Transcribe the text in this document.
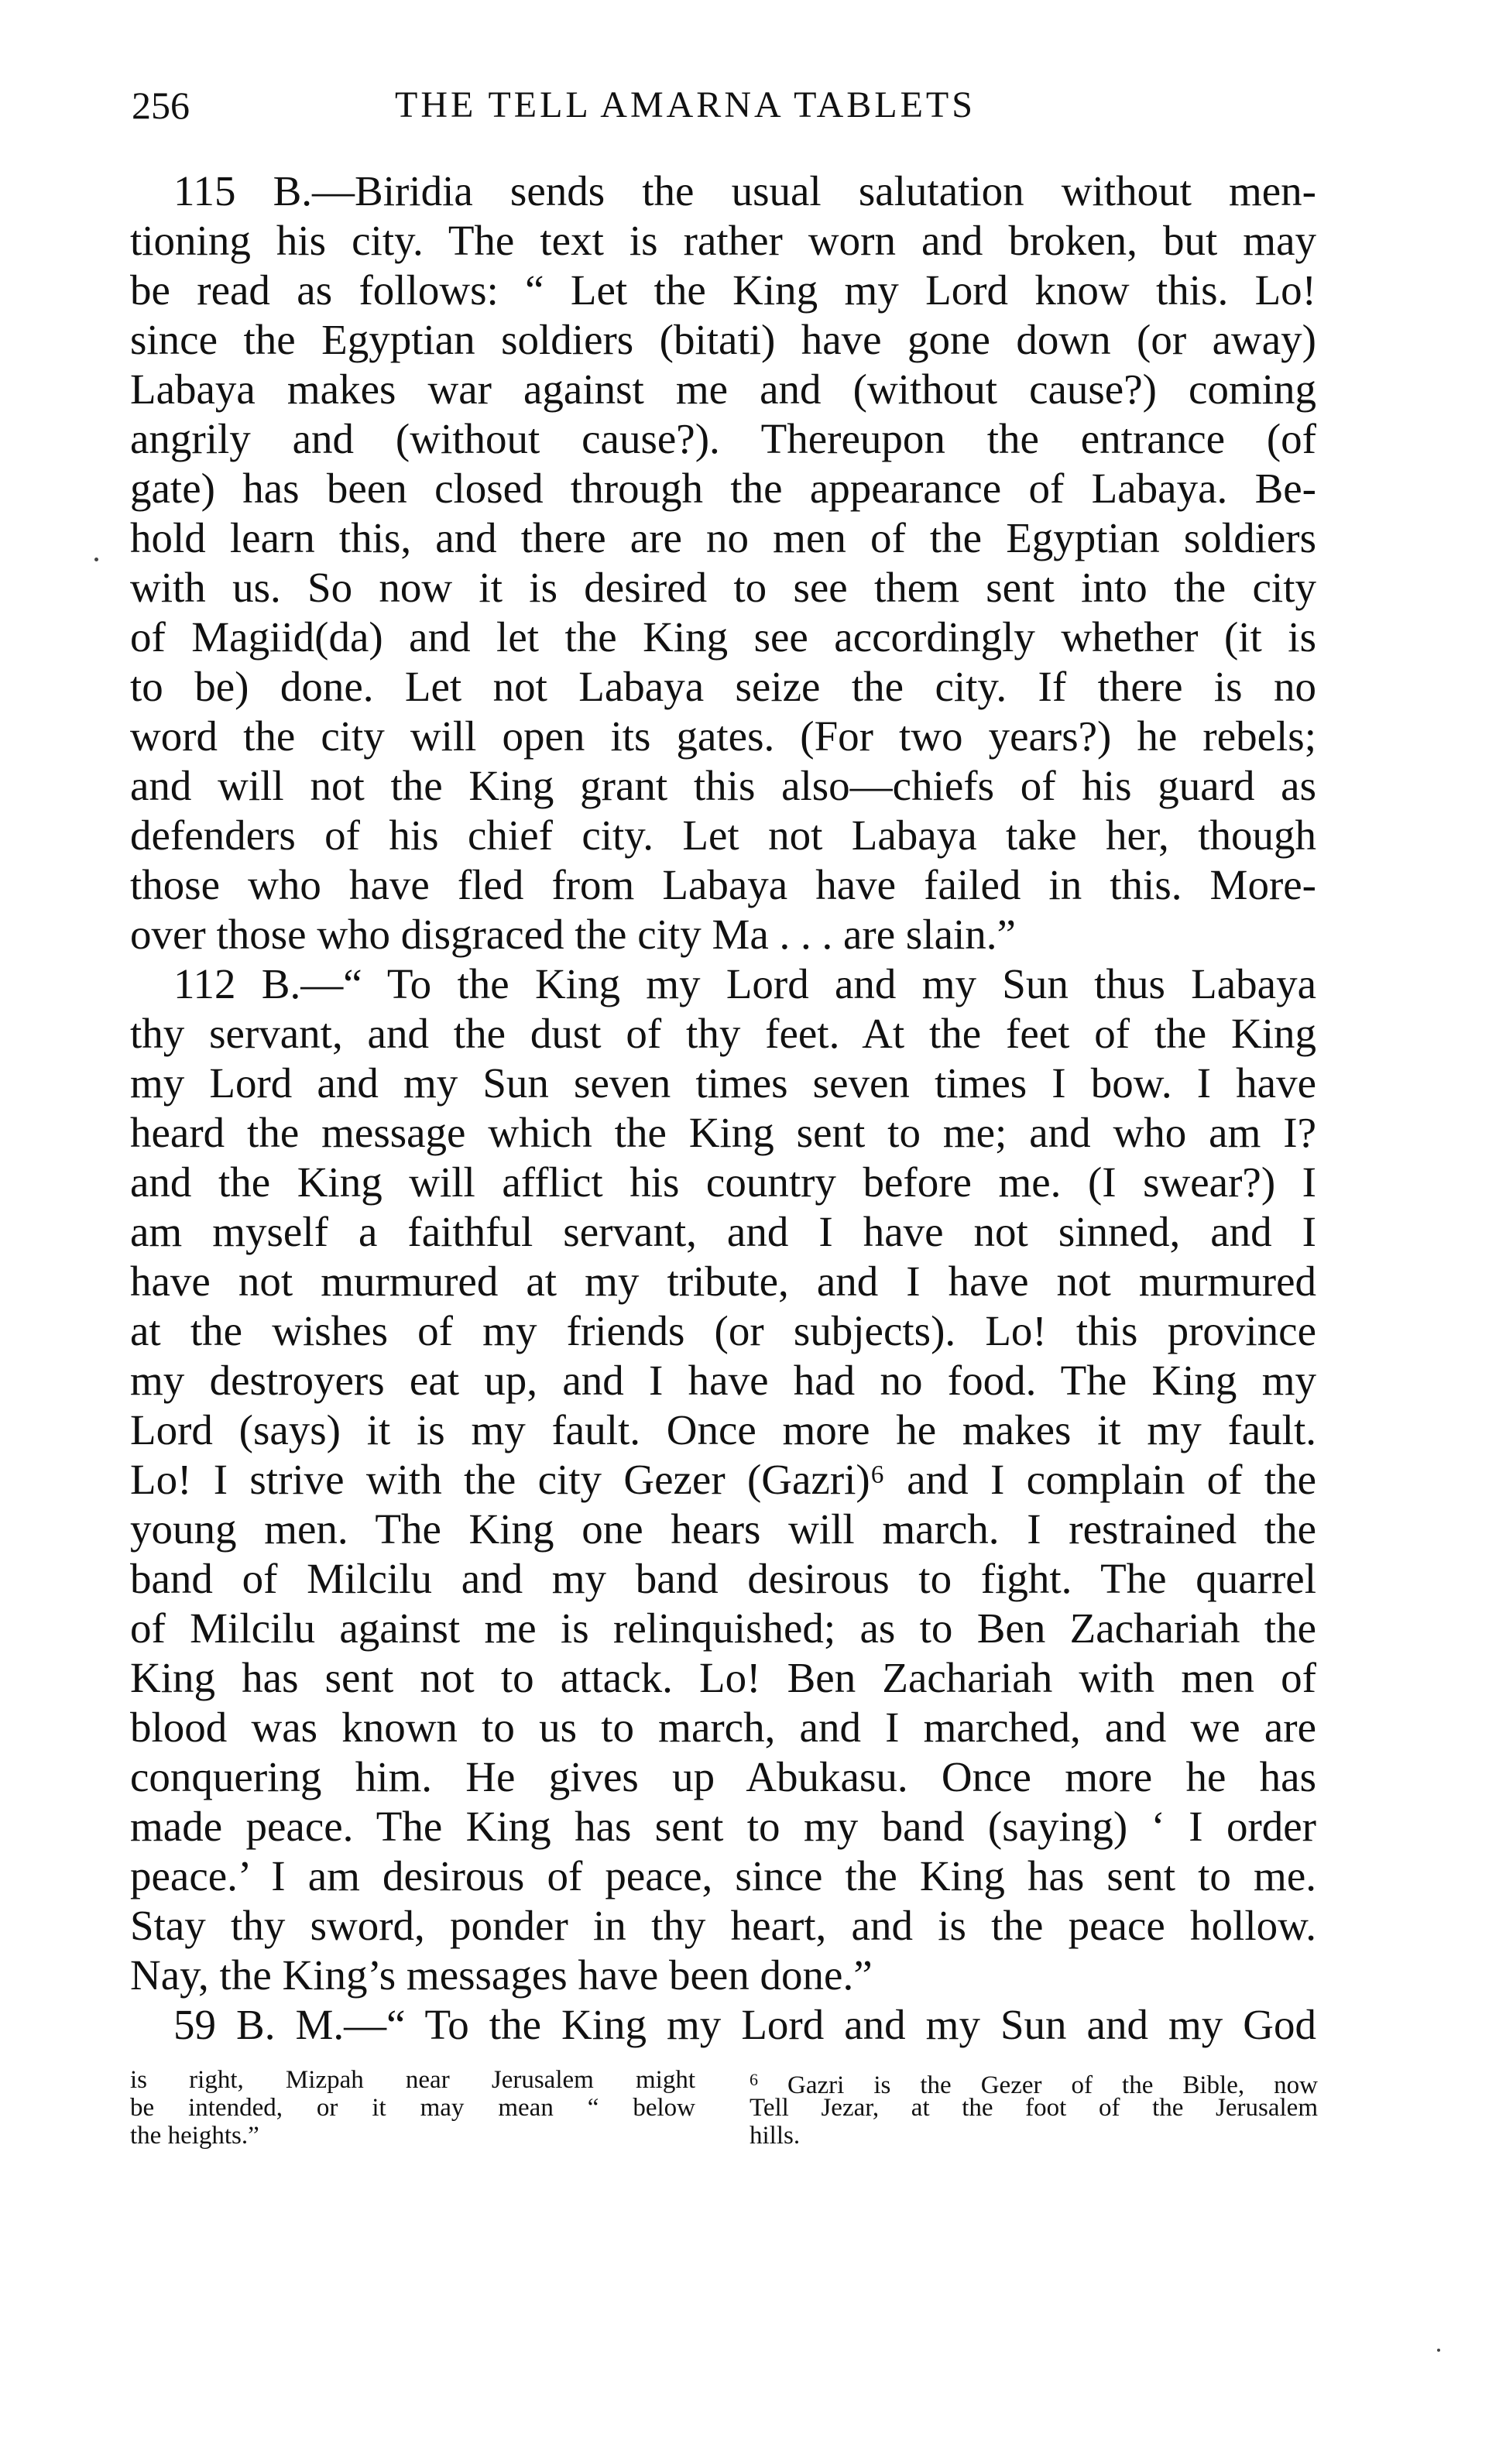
256	THE TELL AMARNA TABLETS
115 B.—Biridia sends the usual salutation without men-
tioning his city. The text is rather worn and broken, but may
be read as follows: “ Let the King my Lord know this. Lo!
since the Egyptian soldiers (bitati) have gone down (or away)
Labaya makes war against me and (without cause?) coming
angrily and (without cause?). Thereupon the entrance (of
gate) has been closed through the appearance of Labaya. Be-
hold learn this, and there are no men of the Egyptian soldiers
with us. So now it is desired to see them sent into the city
of Magiid(da) and let the King see accordingly whether (it is
to be) done. Let not Labaya seize the city. If there is no
word the city will open its gates. (For two years?) he rebels;
and will not the King grant this also—chiefs of his guard as
defenders of his chief city. Let not Labaya take her, though
those who have fled from Labaya have failed in this. More-
over those who disgraced the city Ma . . . are slain.”
112 B.—“ To the King my Lord and my Sun thus Labaya
thy servant, and the dust of thy feet. At the feet of the King
my Lord and my Sun seven times seven times I bow. I have
heard the message which the King sent to me; and who am I?
and the King will afflict his country before me. (I swear?) I
am myself a faithful servant, and I have not sinned, and I
have not murmured at my tribute, and I have not murmured
at the wishes of my friends (or subjects). Lo! this province
my destroyers eat up, and I have had no food. The King my
Lord (says) it is my fault. Once more he makes it my fault.
Lo! I strive with the city Gezer (Gazri)⁶ and I complain of the
young men. The King one hears will march. I restrained the
band of Milcilu and my band desirous to fight. The quarrel
of Milcilu against me is relinquished; as to Ben Zachariah the
King has sent not to attack. Lo! Ben Zachariah with men of
blood was known to us to march, and I marched, and we are
conquering him. He gives up Abukasu. Once more he has
made peace. The King has sent to my band (saying) ‘ I order
peace.’ I am desirous of peace, since the King has sent to me.
Stay thy sword, ponder in thy heart, and is the peace hollow.
Nay, the King’s messages have been done.”
59 B. M.—“ To the King my Lord and my Sun and my God
is right, Mizpah near Jerusalem might
be intended, or it may mean “ below
the heights.”
$^6$ Gazri is the Gezer of the Bible, now
Tell Jezar, at the foot of the Jerusalem
hills.
